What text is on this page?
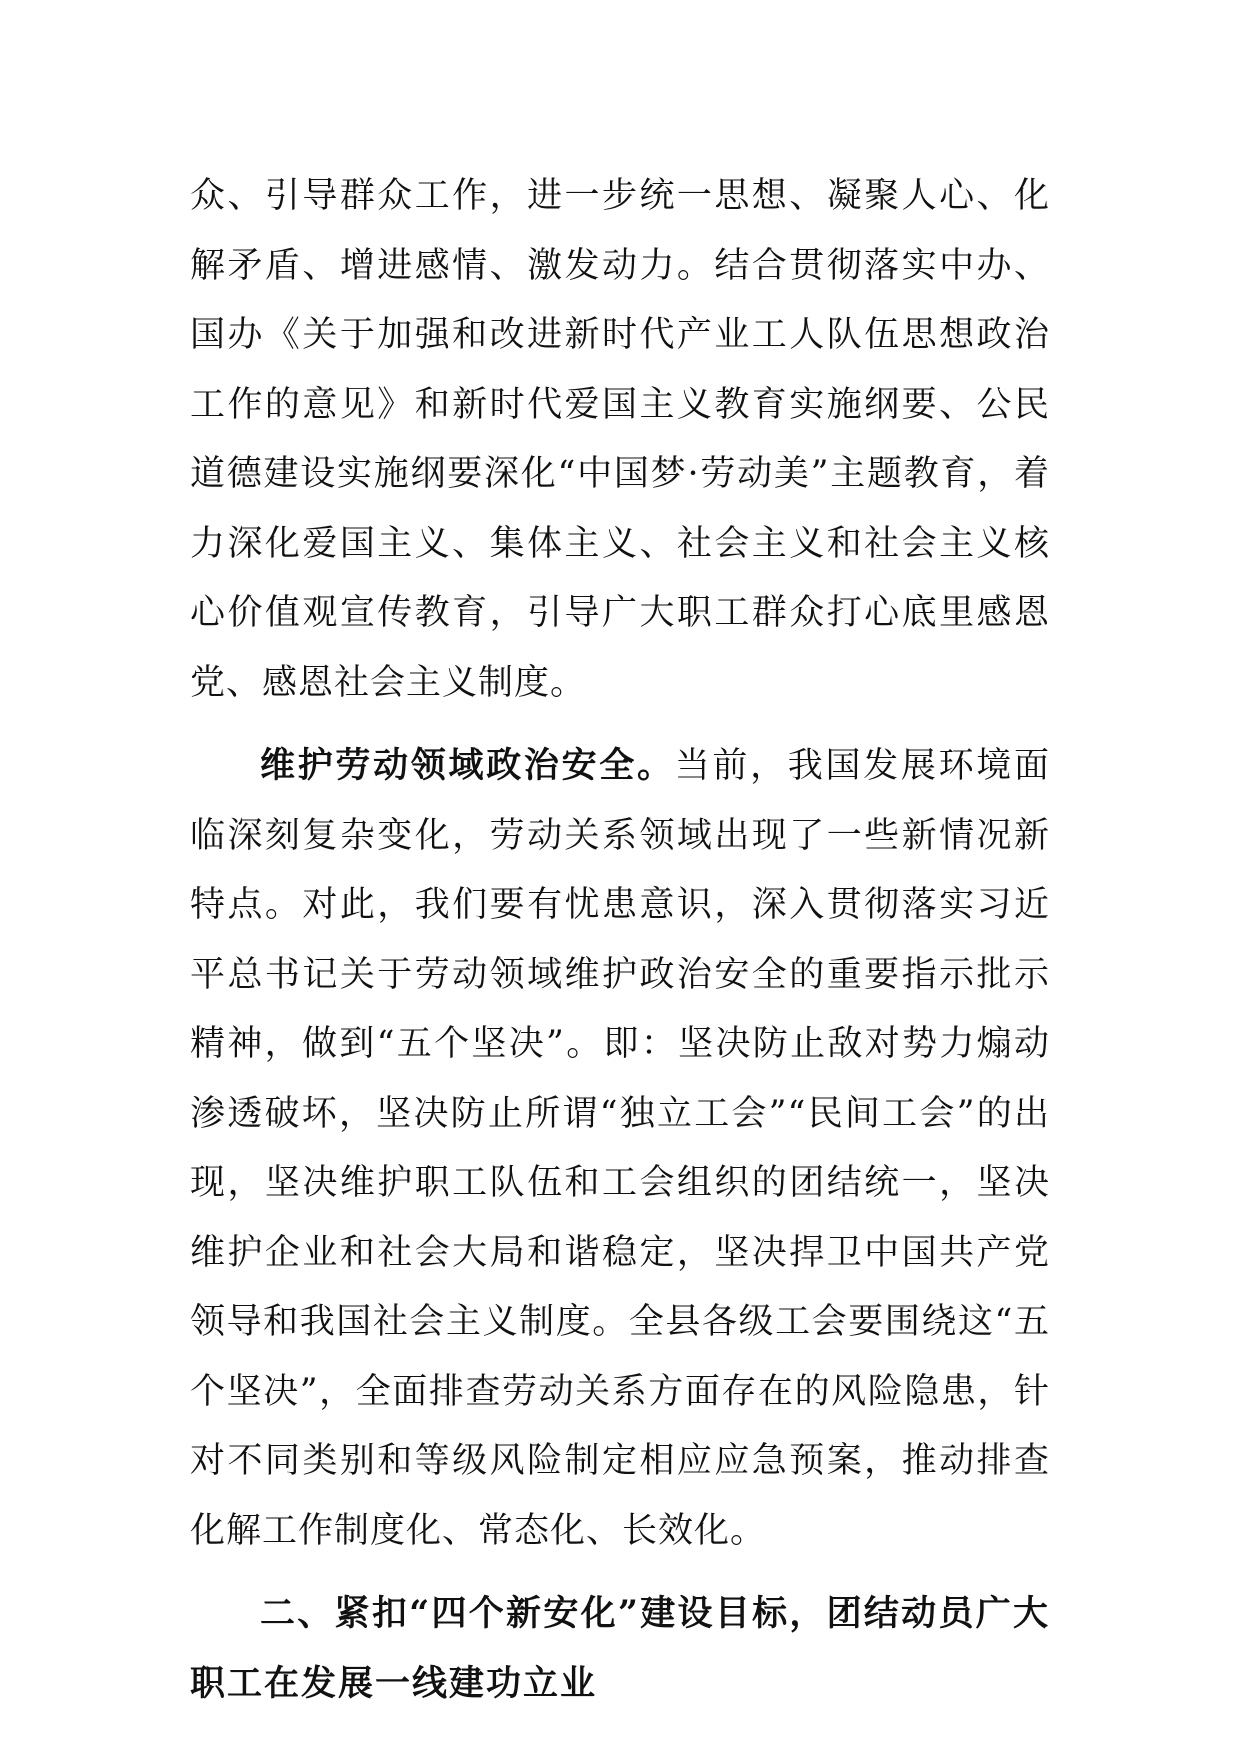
众、引导群众工作，进一步统一思想、凝聚人心、化解矛盾、增进感情、激发动力。结合贯彻落实中办、国办《关于加强和改进新时代产业工人队伍思想政治工作的意见》和新时代爱国主义教育实施纲要、公民道德建设实施纲要深化“中国梦·劳动美”主题教育，着力深化爱国主义、集体主义、社会主义和社会主义核心价值观宣传教育，引导广大职工群众打心底里感恩党、感恩社会主义制度。

维护劳动领域政治安全。当前，我国发展环境面临深刻复杂变化，劳动关系领域出现了一些新情况新特点。对此，我们要有忧患意识，深入贯彻落实习近平总书记关于劳动领域维护政治安全的重要指示批示精神，做到“五个坚决”。即：坚决防止敌对势力煽动渗透破坏，坚决防止所谓“独立工会”“民间工会”的出现，坚决维护职工队伍和工会组织的团结统一，坚决维护企业和社会大局和谐稳定，坚决捍卫中国共产党领导和我国社会主义制度。全县各级工会要围绕这“五个坚决”，全面排查劳动关系方面存在的风险隐患，针对不同类别和等级风险制定相应应急预案，推动排查化解工作制度化、常态化、长效化。

二、紧扣“四个新安化”建设目标，团结动员广大职工在发展一线建功立业
